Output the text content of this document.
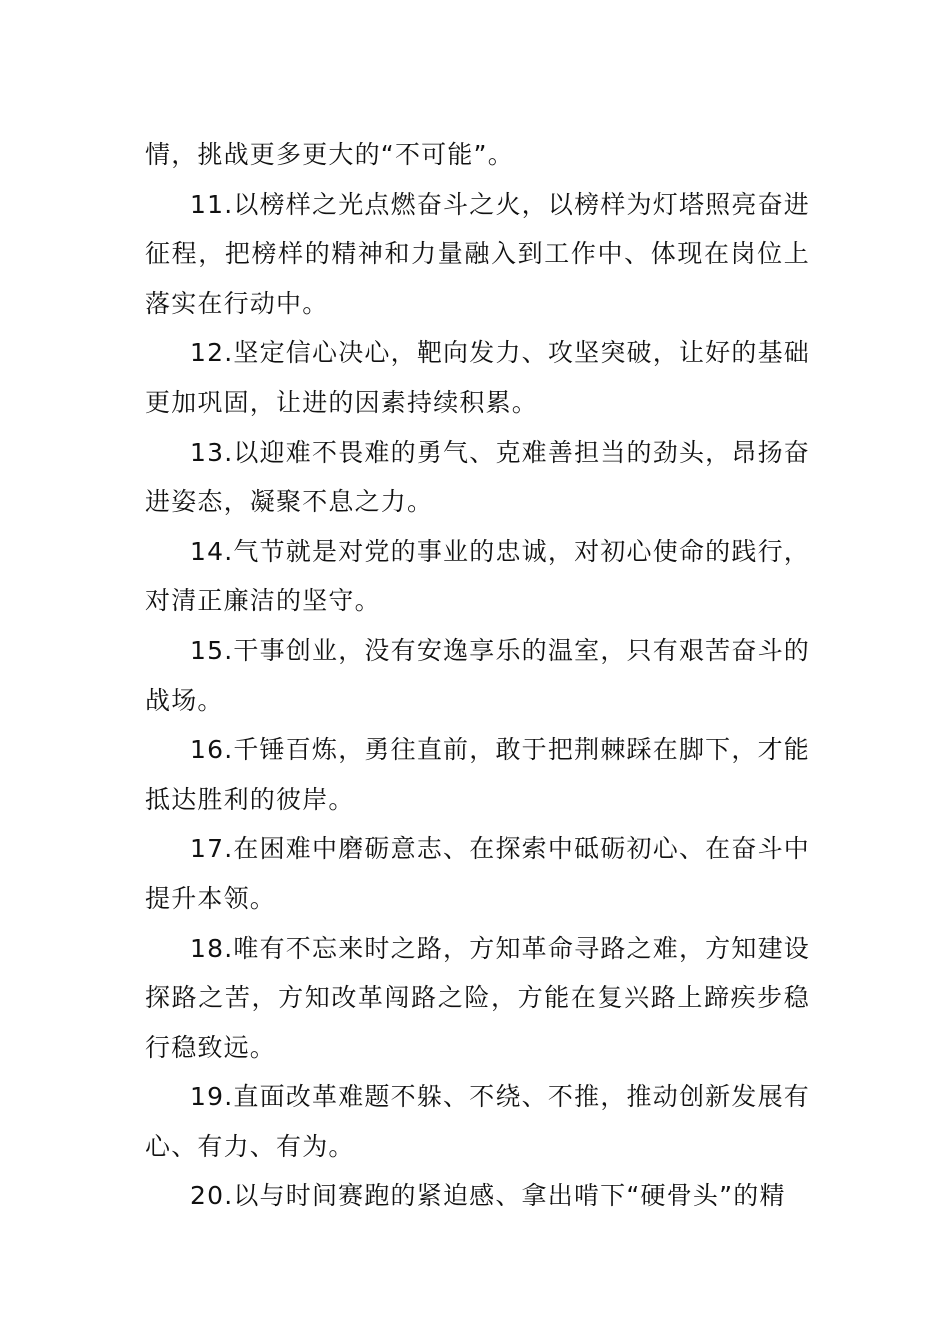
情，挑战更多更大的“不可能”。

11.以榜样之光点燃奋斗之火，以榜样为灯塔照亮奋进征程，把榜样的精神和力量融入到工作中、体现在岗位上落实在行动中。

12.坚定信心决心，靶向发力、攻坚突破，让好的基础更加巩固，让进的因素持续积累。

13.以迎难不畏难的勇气、克难善担当的劲头，昂扬奋进姿态，凝聚不息之力。

14.气节就是对党的事业的忠诚，对初心使命的践行，对清正廉洁的坚守。

15.干事创业，没有安逸享乐的温室，只有艰苦奋斗的战场。

16.千锤百炼，勇往直前，敢于把荆棘踩在脚下，才能抵达胜利的彼岸。

17.在困难中磨砺意志、在探索中砥砺初心、在奋斗中提升本领。

18.唯有不忘来时之路，方知革命寻路之难，方知建设探路之苦，方知改革闯路之险，方能在复兴路上蹄疾步稳行稳致远。

19.直面改革难题不躲、不绕、不推，推动创新发展有心、有力、有为。

20.以与时间赛跑的紧迫感、拿出啃下“硬骨头”的精
